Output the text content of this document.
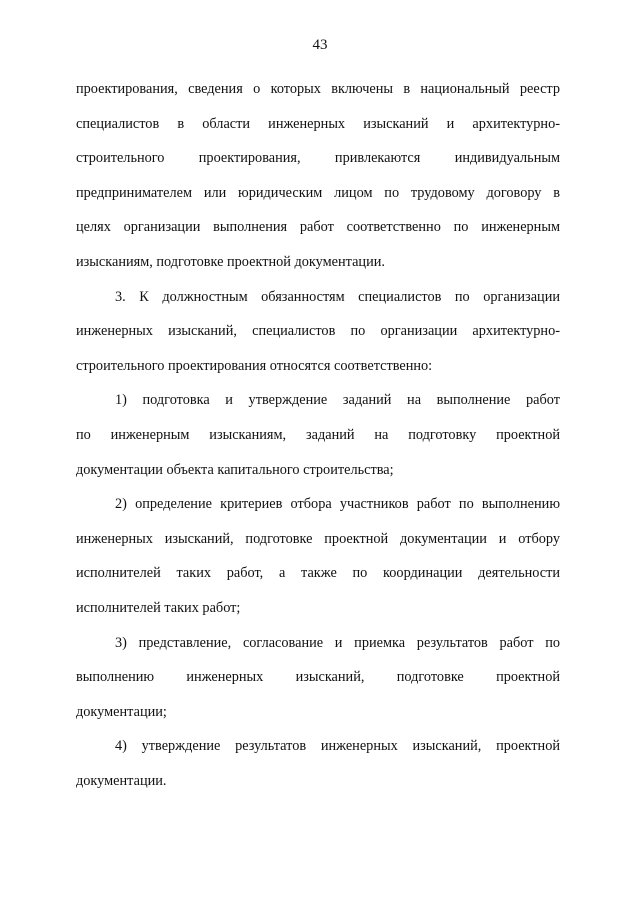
43

проектирования, сведения о которых включены в национальный реестр
специалистов в области инженерных изысканий и архитектурно-
строительного проектирования, привлекаются индивидуальным
предпринимателем или юридическим лицом по трудовому договору в
целях организации выполнения работ соответственно по инженерным
изысканиям, подготовке проектной документации.

3. К должностным обязанностям специалистов по организации
инженерных изысканий, специалистов по организации архитектурно-
строительного проектирования относятся соответственно:

1) подготовка и утверждение заданий на выполнение работ
по инженерным изысканиям, заданий на подготовку проектной
документации объекта капитального строительства;

2) определение критериев отбора участников работ по выполнению
инженерных изысканий, подготовке проектной документации и отбору
исполнителей таких работ, а также по координации деятельности
исполнителей таких работ;

3) представление, согласование и приемка результатов работ по
выполнению инженерных изысканий, подготовке проектной
документации;

4) утверждение результатов инженерных изысканий, проектной
документации.
